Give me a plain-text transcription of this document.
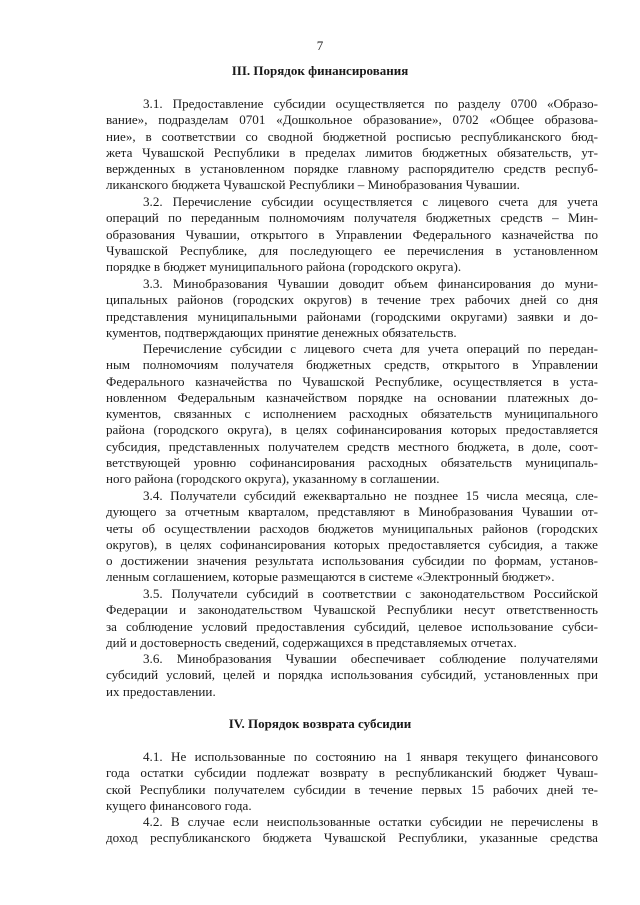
7
III. Порядок финансирования
3.1. Предоставление субсидии осуществляется по разделу 0700 «Образо-
вание», подразделам 0701 «Дошкольное образование», 0702 «Общее образова-
ние», в соответствии со сводной бюджетной росписью республиканского бюд-
жета Чувашской Республики в пределах лимитов бюджетных обязательств, ут-
вержденных в установленном порядке главному распорядителю средств респуб-
ликанского бюджета Чувашской Республики – Минобразования Чувашии.
3.2. Перечисление субсидии осуществляется с лицевого счета для учета
операций по переданным полномочиям получателя бюджетных средств – Мин-
образования Чувашии, открытого в Управлении Федерального казначейства по
Чувашской Республике, для последующего ее перечисления в установленном
порядке в бюджет муниципального района (городского округа).
3.3. Минобразования Чувашии доводит объем финансирования до муни-
ципальных районов (городских округов) в течение трех рабочих дней со дня
представления муниципальными районами (городскими округами) заявки и до-
кументов, подтверждающих принятие денежных обязательств.
Перечисление субсидии с лицевого счета для учета операций по передан-
ным полномочиям получателя бюджетных средств, открытого в Управлении
Федерального казначейства по Чувашской Республике, осуществляется в уста-
новленном Федеральным казначейством порядке на основании платежных до-
кументов, связанных с исполнением расходных обязательств муниципального
района (городского округа), в целях софинансирования которых предоставляется
субсидия, представленных получателем средств местного бюджета, в доле, соот-
ветствующей уровню софинансирования расходных обязательств муниципаль-
ного района (городского округа), указанному в соглашении.
3.4. Получатели субсидий ежеквартально не позднее 15 числа месяца, сле-
дующего за отчетным кварталом, представляют в Минобразования Чувашии от-
четы об осуществлении расходов бюджетов муниципальных районов (городских
округов), в целях софинансирования которых предоставляется субсидия, а также
о достижении значения результата использования субсидии по формам, установ-
ленным соглашением, которые размещаются в системе «Электронный бюджет».
3.5. Получатели субсидий в соответствии с законодательством Российской
Федерации и законодательством Чувашской Республики несут ответственность
за соблюдение условий предоставления субсидий, целевое использование субси-
дий и достоверность сведений, содержащихся в представляемых отчетах.
3.6. Минобразования Чувашии обеспечивает соблюдение получателями
субсидий условий, целей и порядка использования субсидий, установленных при
их предоставлении.
IV. Порядок возврата субсидии
4.1. Не использованные по состоянию на 1 января текущего финансового
года остатки субсидии подлежат возврату в республиканский бюджет Чуваш-
ской Республики получателем субсидии в течение первых 15 рабочих дней те-
кущего финансового года.
4.2. В случае если неиспользованные остатки субсидии не перечислены в
доход республиканского бюджета Чувашской Республики, указанные средства
